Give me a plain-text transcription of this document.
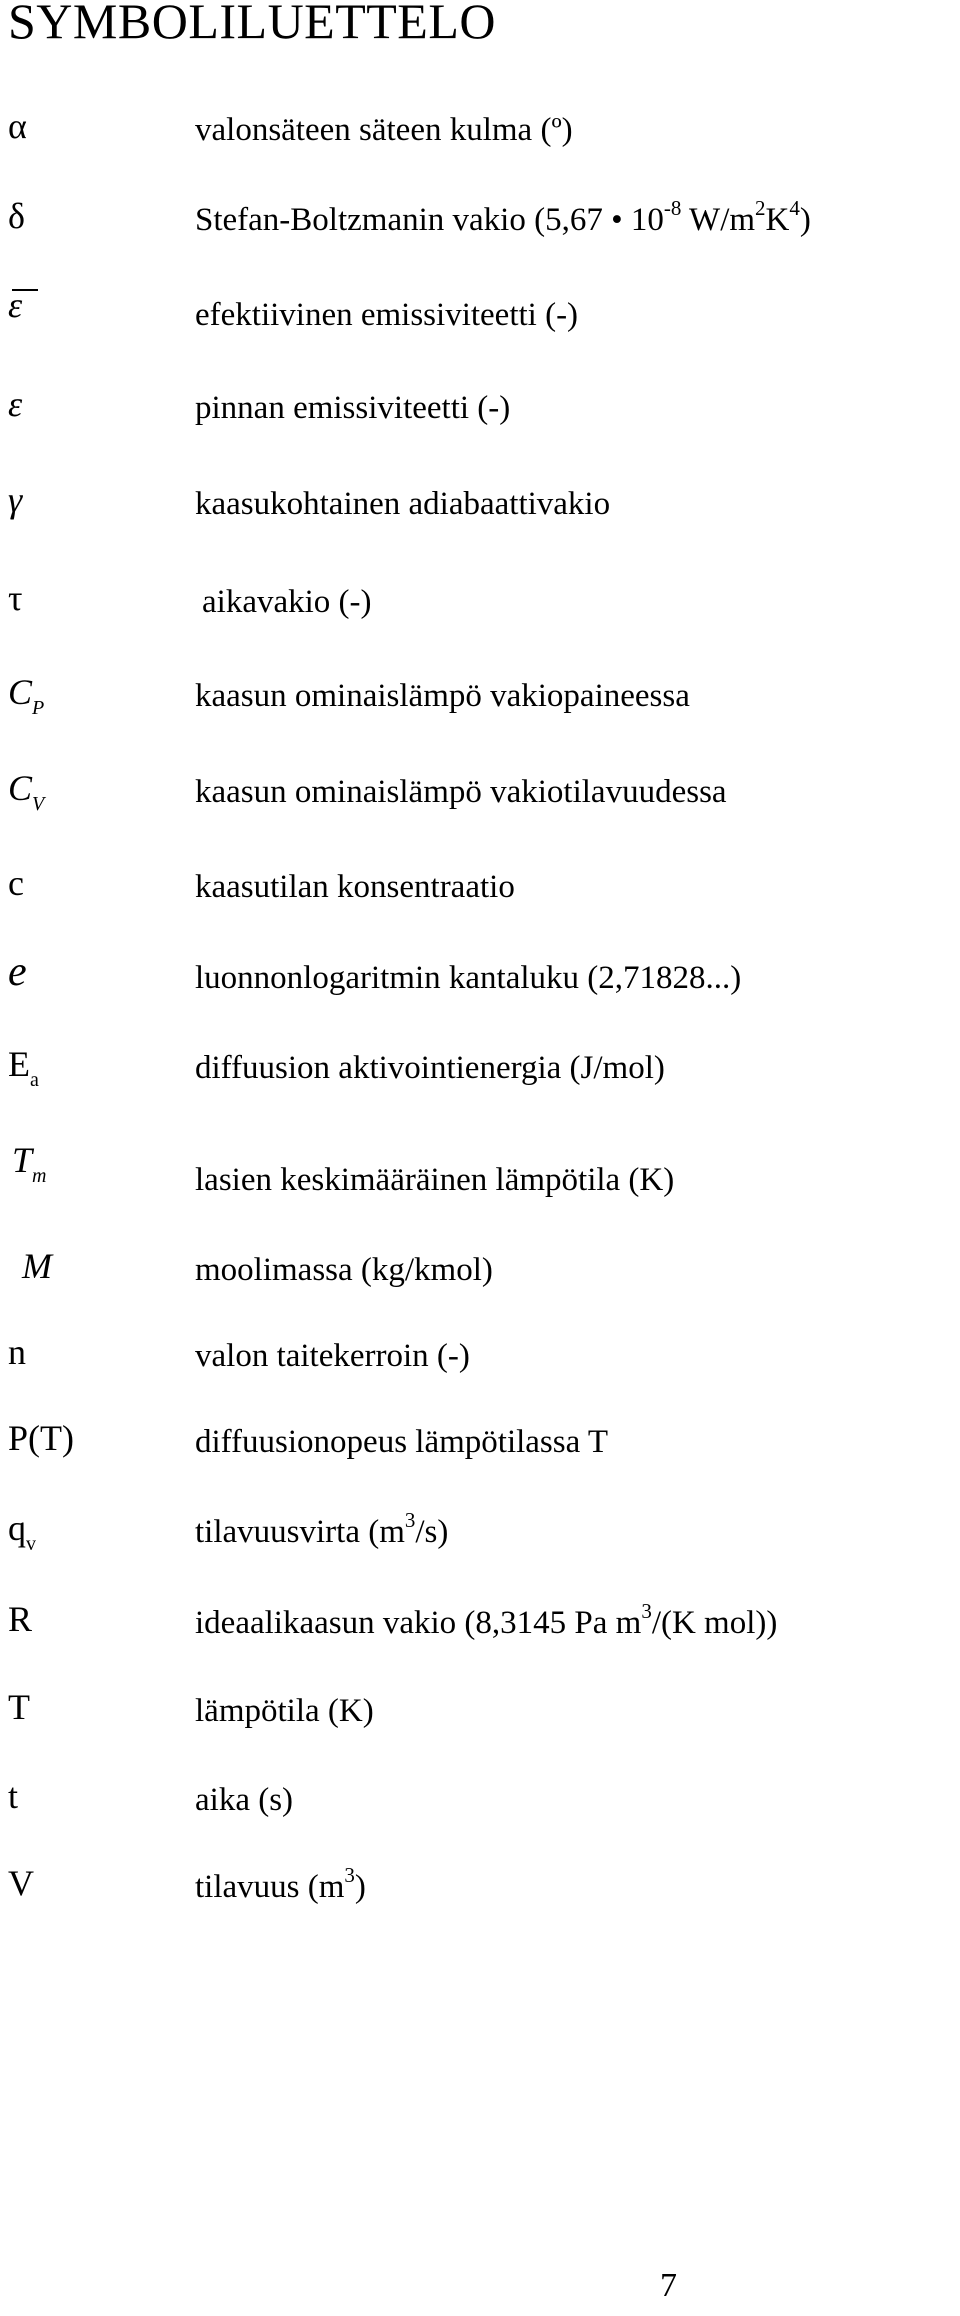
SYMBOLILUETTELO
α	valonsäteen säteen kulma (º)
δ	Stefan-Boltzmanin vakio (5,67 • $10^{-8}$ $W/m^2K^4$)
ε	efektiivinen emissiviteetti (-)
ε	pinnan emissiviteetti (-)
γ	kaasukohtainen adiabaattivakio
τ	aikavakio (-)
$C_P$	kaasun ominaislämpö vakiopaineessa
$C_V$	kaasun ominaislämpö vakiotilavuudessa
c	kaasutilan konsentraatio
e	luonnonlogaritmin kantaluku (2,71828...)
$E_a$	diffuusion aktivointienergia (J/mol)
$T_m$	lasien keskimääräinen lämpötila (K)
M	moolimassa (kg/kmol)
n	valon taitekerroin (-)
P(T)	diffuusionopeus lämpötilassa T
$q_v$	tilavuusvirta $(m^3/s)$
R	ideaalikaasun vakio (8,3145 Pa $m^3/(K$ mol))
T	lämpötila (K)
t	aika (s)
V	tilavuus $(m^3)$
7
